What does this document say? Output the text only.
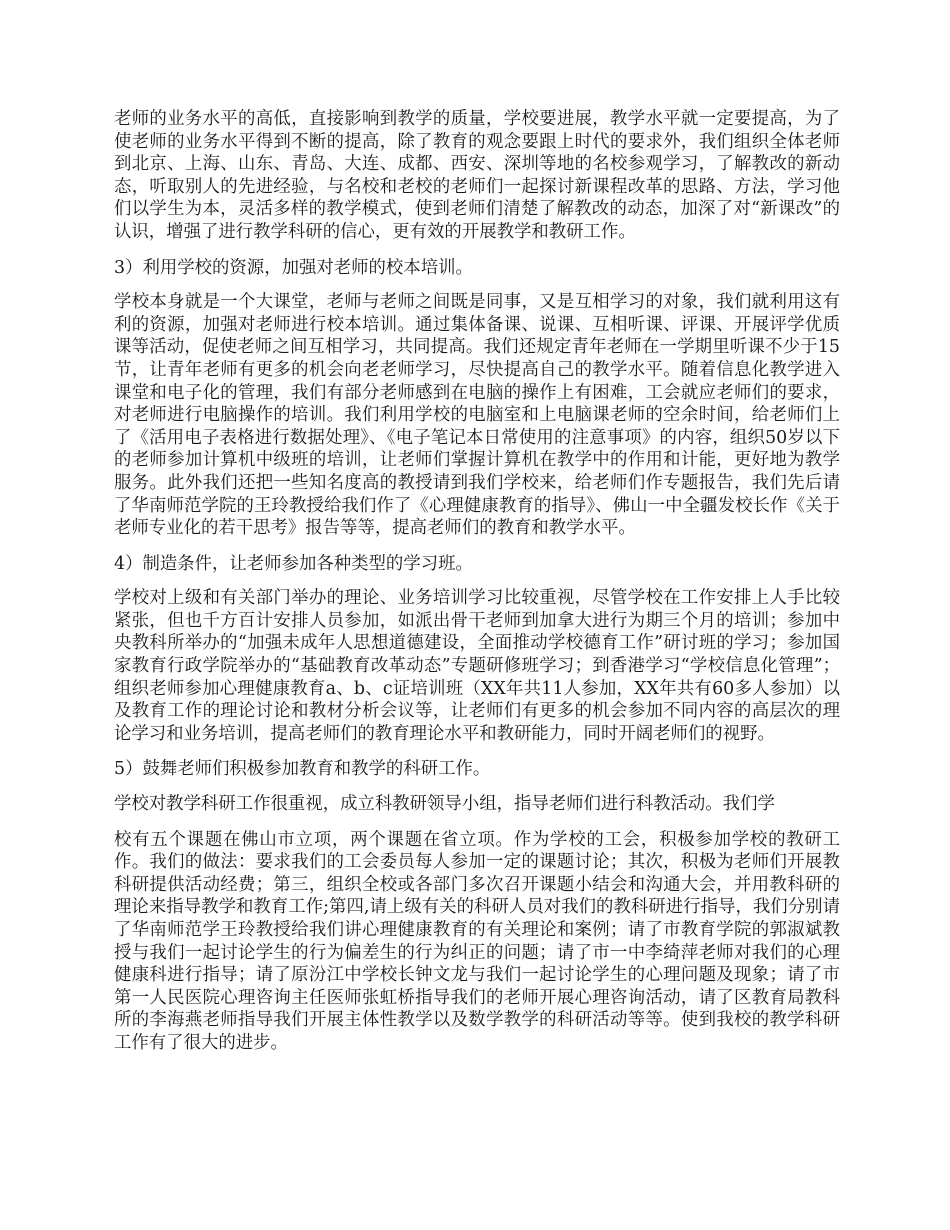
老师的业务水平的高低，直接影响到教学的质量，学校要进展，教学水平就一定要提高，为了使老师的业务水平得到不断的提高，除了教育的观念要跟上时代的要求外，我们组织全体老师到北京、上海、山东、青岛、大连、成都、西安、深圳等地的名校参观学习，了解教改的新动态，听取别人的先进经验，与名校和老校的老师们一起探讨新课程改革的思路、方法，学习他们以学生为本，灵活多样的教学模式，使到老师们清楚了解教改的动态，加深了对“新课改”的认识，增强了进行教学科研的信心，更有效的开展教学和教研工作。

3）利用学校的资源，加强对老师的校本培训。

学校本身就是一个大课堂，老师与老师之间既是同事，又是互相学习的对象，我们就利用这有利的资源，加强对老师进行校本培训。通过集体备课、说课、互相听课、评课、开展评学优质课等活动，促使老师之间互相学习，共同提高。我们还规定青年老师在一学期里听课不少于15节，让青年老师有更多的机会向老老师学习，尽快提高自己的教学水平。随着信息化教学进入课堂和电子化的管理，我们有部分老师感到在电脑的操作上有困难，工会就应老师们的要求，对老师进行电脑操作的培训。我们利用学校的电脑室和上电脑课老师的空余时间，给老师们上了《活用电子表格进行数据处理》、《电子笔记本日常使用的注意事项》的内容，组织50岁以下的老师参加计算机中级班的培训，让老师们掌握计算机在教学中的作用和计能，更好地为教学服务。此外我们还把一些知名度高的教授请到我们学校来，给老师们作专题报告，我们先后请了华南师范学院的王玲教授给我们作了《心理健康教育的指导》、佛山一中全疆发校长作《关于老师专业化的若干思考》报告等等，提高老师们的教育和教学水平。

4）制造条件，让老师参加各种类型的学习班。

学校对上级和有关部门举办的理论、业务培训学习比较重视，尽管学校在工作安排上人手比较紧张，但也千方百计安排人员参加，如派出骨干老师到加拿大进行为期三个月的培训；参加中央教科所举办的“加强未成年人思想道德建设，全面推动学校德育工作”研讨班的学习；参加国家教育行政学院举办的“基础教育改革动态”专题研修班学习；到香港学习“学校信息化管理”；组织老师参加心理健康教育a、b、c证培训班（XX年共11人参加，XX年共有60多人参加）以及教育工作的理论讨论和教材分析会议等，让老师们有更多的机会参加不同内容的高层次的理论学习和业务培训，提高老师们的教育理论水平和教研能力，同时开阔老师们的视野。

5）鼓舞老师们积极参加教育和教学的科研工作。

学校对教学科研工作很重视，成立科教研领导小组，指导老师们进行科教活动。我们学

校有五个课题在佛山市立项，两个课题在省立项。作为学校的工会，积极参加学校的教研工作。我们的做法：要求我们的工会委员每人参加一定的课题讨论；其次，积极为老师们开展教科研提供活动经费；第三，组织全校或各部门多次召开课题小结会和沟通大会，并用教科研的理论来指导教学和教育工作;第四,请上级有关的科研人员对我们的教科研进行指导，我们分别请了华南师范学王玲教授给我们讲心理健康教育的有关理论和案例；请了市教育学院的郭淑斌教授与我们一起讨论学生的行为偏差生的行为纠正的问题；请了市一中李绮萍老师对我们的心理健康科进行指导；请了原汾江中学校长钟文龙与我们一起讨论学生的心理问题及现象；请了市第一人民医院心理咨询主任医师张虹桥指导我们的老师开展心理咨询活动，请了区教育局教科所的李海燕老师指导我们开展主体性教学以及数学教学的科研活动等等。使到我校的教学科研工作有了很大的进步。
